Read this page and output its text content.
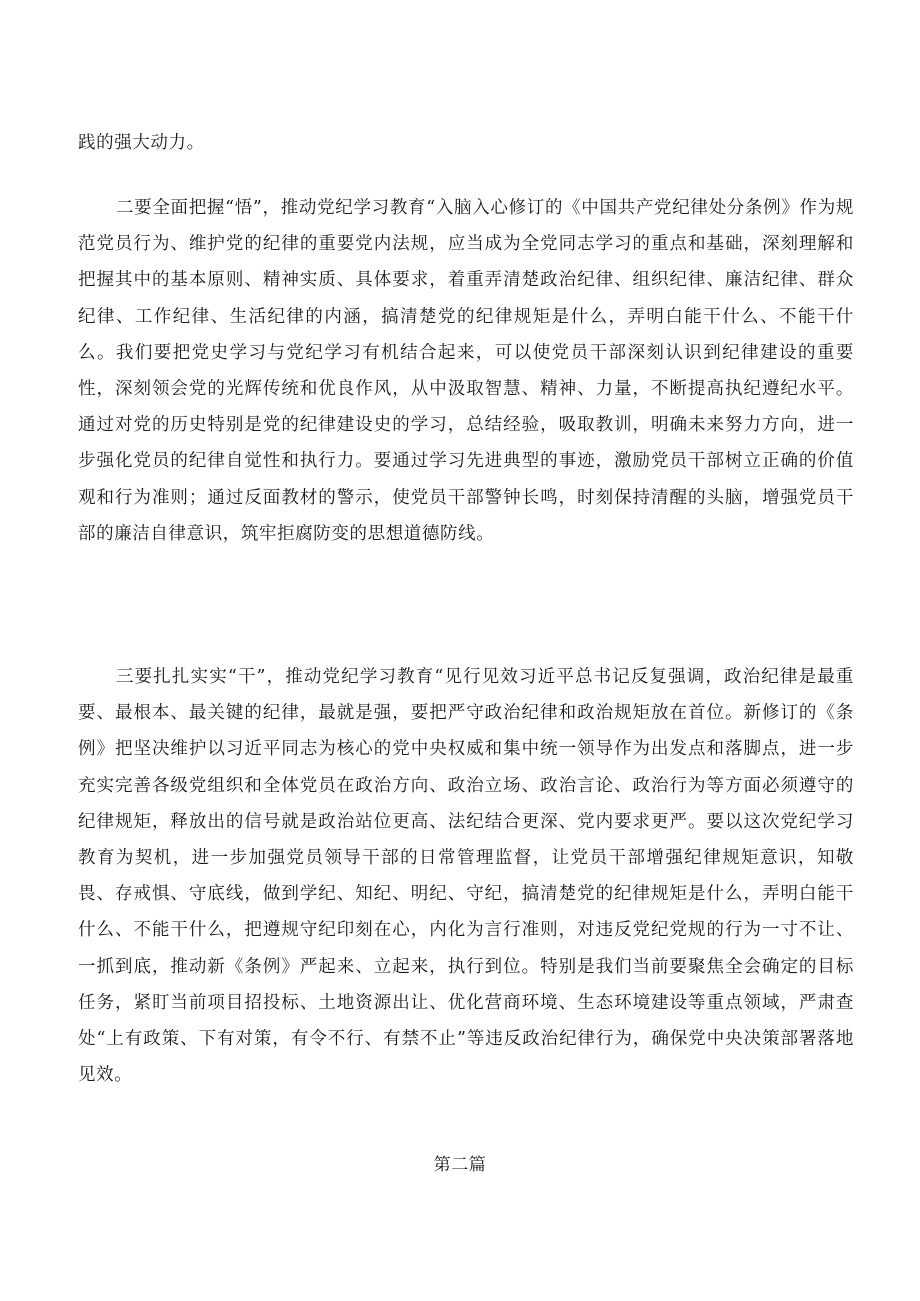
践的强大动力。

二要全面把握“悟”，推动党纪学习教育“入脑入心修订的《中国共产党纪律处分条例》作为规范党员行为、维护党的纪律的重要党内法规，应当成为全党同志学习的重点和基础，深刻理解和把握其中的基本原则、精神实质、具体要求，着重弄清楚政治纪律、组织纪律、廉洁纪律、群众纪律、工作纪律、生活纪律的内涵，搞清楚党的纪律规矩是什么，弄明白能干什么、不能干什么。我们要把党史学习与党纪学习有机结合起来，可以使党员干部深刻认识到纪律建设的重要性，深刻领会党的光辉传统和优良作风，从中汲取智慧、精神、力量，不断提高执纪遵纪水平。通过对党的历史特别是党的纪律建设史的学习，总结经验，吸取教训，明确未来努力方向，进一步强化党员的纪律自觉性和执行力。要通过学习先进典型的事迹，激励党员干部树立正确的价值观和行为准则；通过反面教材的警示，使党员干部警钟长鸣，时刻保持清醒的头脑，增强党员干部的廉洁自律意识，筑牢拒腐防变的思想道德防线。

三要扎扎实实“干”，推动党纪学习教育“见行见效习近平总书记反复强调，政治纪律是最重要、最根本、最关键的纪律，最就是强，要把严守政治纪律和政治规矩放在首位。新修订的《条例》把坚决维护以习近平同志为核心的党中央权威和集中统一领导作为出发点和落脚点，进一步充实完善各级党组织和全体党员在政治方向、政治立场、政治言论、政治行为等方面必须遵守的纪律规矩，释放出的信号就是政治站位更高、法纪结合更深、党内要求更严。要以这次党纪学习教育为契机，进一步加强党员领导干部的日常管理监督，让党员干部增强纪律规矩意识，知敬畏、存戒惧、守底线，做到学纪、知纪、明纪、守纪，搞清楚党的纪律规矩是什么，弄明白能干什么、不能干什么，把遵规守纪印刻在心，内化为言行准则，对违反党纪党规的行为一寸不让、一抓到底，推动新《条例》严起来、立起来，执行到位。特别是我们当前要聚焦全会确定的目标任务，紧盯当前项目招投标、土地资源出让、优化营商环境、生态环境建设等重点领域，严肃查处“上有政策、下有对策，有令不行、有禁不止”等违反政治纪律行为，确保党中央决策部署落地见效。

第二篇
